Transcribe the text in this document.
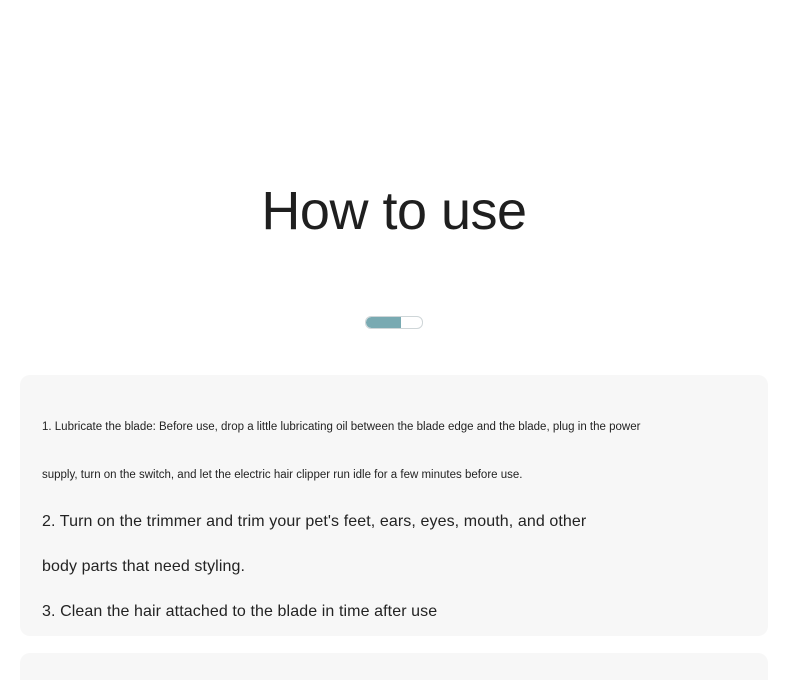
How to use

1. Lubricate the blade: Before use, drop a little lubricating oil between the blade edge and the blade, plug in the power

supply, turn on the switch, and let the electric hair clipper run idle for a few minutes before use.

2. Turn on the trimmer and trim your pet's feet, ears, eyes, mouth, and other

body parts that need styling.

3. Clean the hair attached to the blade in time after use
